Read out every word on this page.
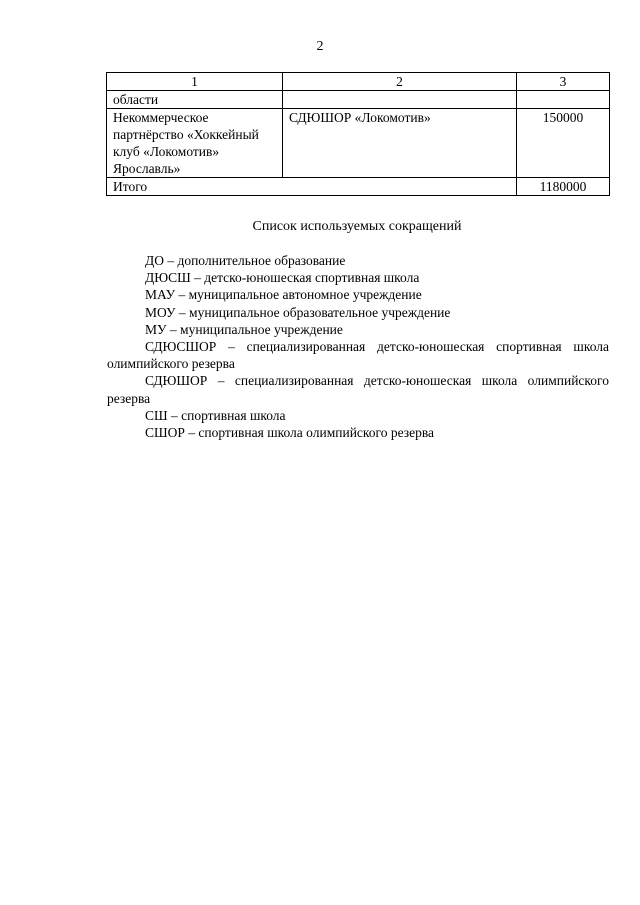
2
1	2	3
области		
Некоммерческое партнёрство «Хоккейный клуб «Локомотив» Ярославль»	СДЮШОР «Локомотив»	150000
Итого		1180000
Список используемых сокращений

ДО – дополнительное образование

ДЮСШ – детско-юношеская спортивная школа

МАУ – муниципальное автономное учреждение

МОУ – муниципальное образовательное учреждение

МУ – муниципальное учреждение

СДЮСШОР – специализированная детско-юношеская спортивная школа олимпийского резерва

СДЮШОР – специализированная детско-юношеская школа олимпийского резерва

СШ – спортивная школа

СШОР – спортивная школа олимпийского резерва
